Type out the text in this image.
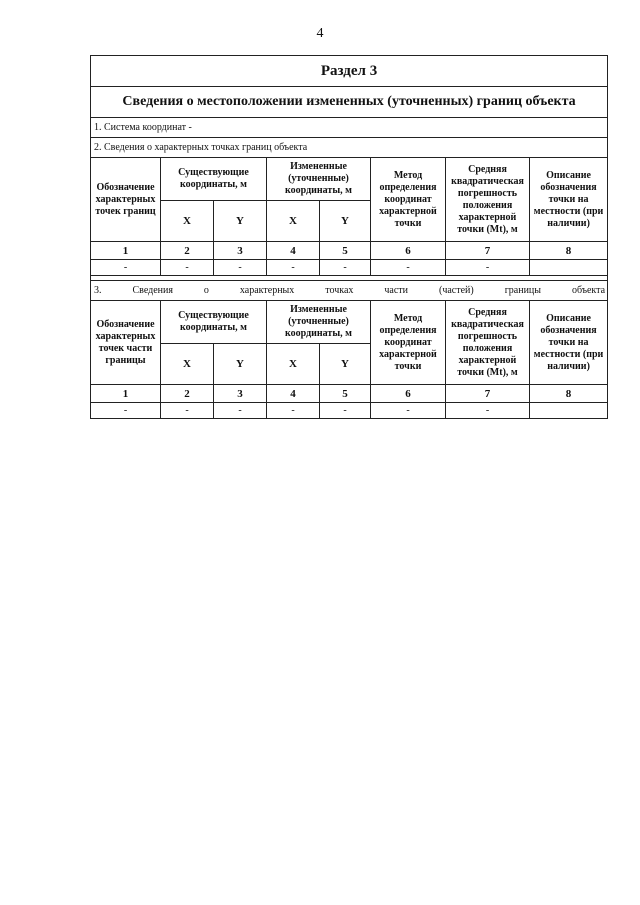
4
Раздел 3							
Сведения о местоположении измененных (уточненных) границ объекта							
1. Система координат -							
2. Сведения о характерных точках границ объекта							
Обозначение характерных точек границ	Существующие координаты, м		Измененные (уточненные) координаты, м		Метод определения координат характерной точки	Средняя квадратическая погрешность положения характерной точки (Mt), м	Описание обозначения точки на местности (при наличии)
	X	Y	X	Y			
1	2	3	4	5	6	7	8
-	-	-	-	-	-	-	

3. Сведения о характерных точках части (частей) границы объекта							
Обозначение характерных точек части границы	Существующие координаты, м		Измененные (уточненные) координаты, м		Метод определения координат характерной точки	Средняя квадратическая погрешность положения характерной точки (Mt), м	Описание обозначения точки на местности (при наличии)
	X	Y	X	Y			
1	2	3	4	5	6	7	8
-	-	-	-	-	-	-	
